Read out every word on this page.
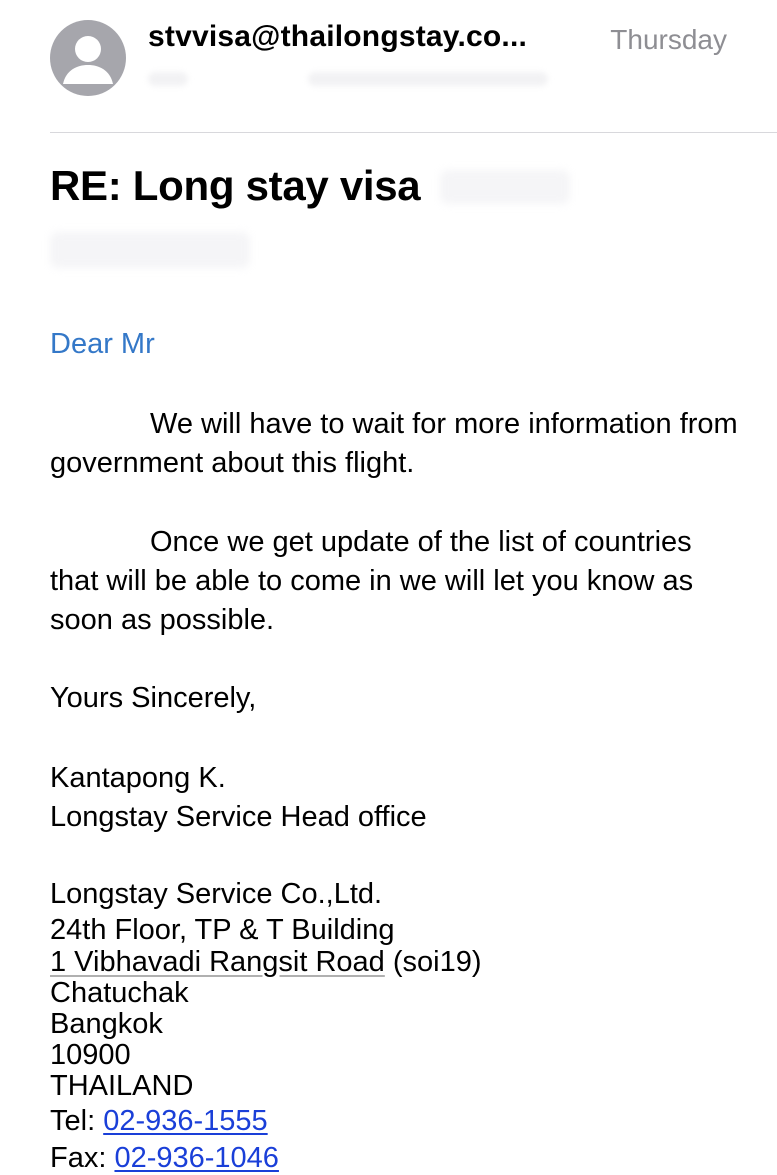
stvvisa@thailongstay.co...	Thursday
RE: Long stay visa
Dear Mr

We will have to wait for more information from government about this flight.

Once we get update of the list of countries that will be able to come in we will let you know as soon as possible.

Yours Sincerely,
Kantapong K.
Longstay Service Head office
Longstay Service Co.,Ltd.
24th Floor, TP & T Building
1 Vibhavadi Rangsit Road (soi19)
Chatuchak
Bangkok
10900
THAILAND
Tel: 02-936-1555
Fax: 02-936-1046
